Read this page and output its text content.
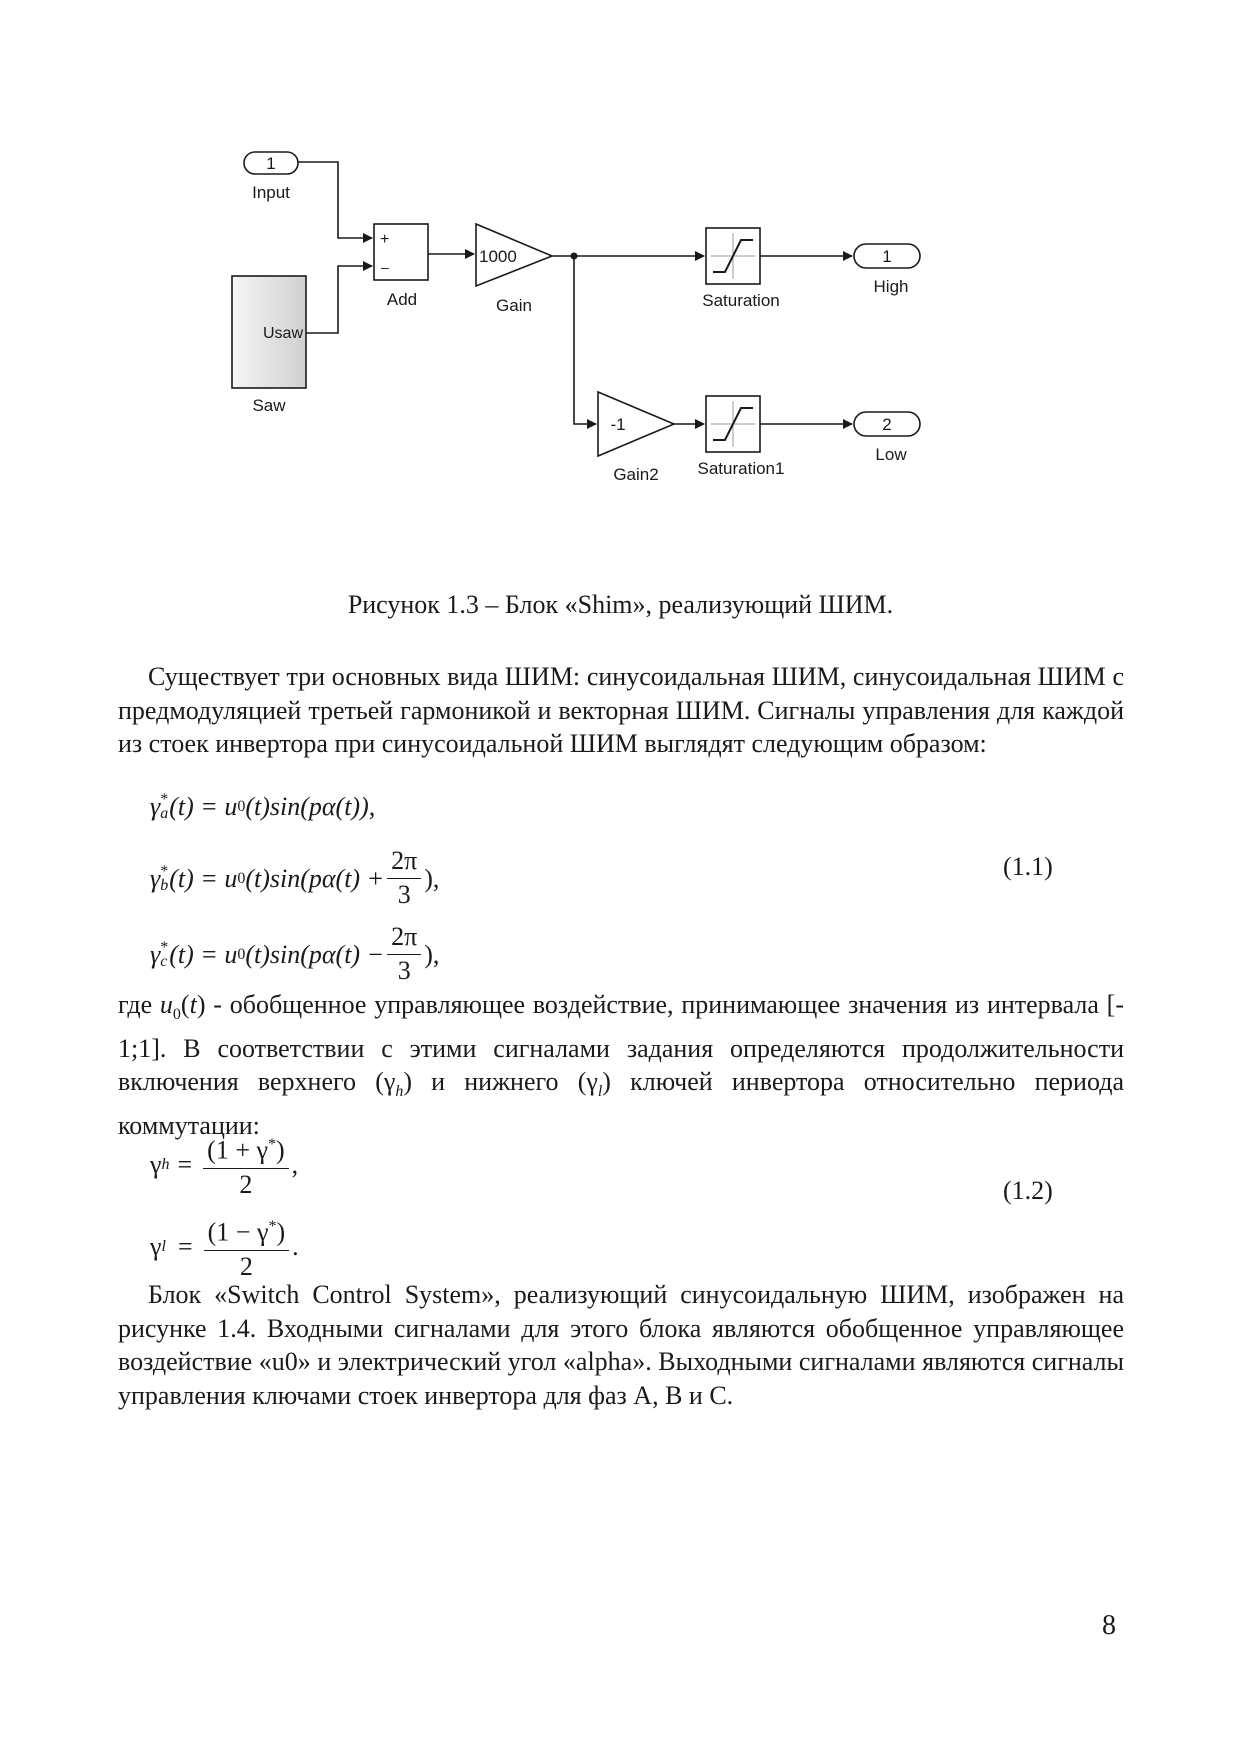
1
Input
Usaw
Saw
+
–
Add
1000
Gain	Saturation
1
High
-1
Gain2 Saturation1
2
Low
Рисунок 1.3 – Блок «Shim», реализующий ШИМ.

Существует три основных вида ШИМ: синусоидальная ШИМ, синусоидальная ШИМ с предмодуляцией третьей гармоникой и векторная ШИМ. Сигналы управления для каждой из стоек инвертора при синусоидальной ШИМ выглядят следующим образом:

γ *
a (t) = u 0 (t)sin(pα(t)),
γ *
b (t) = u 0 $(t)\sin(p\alpha(t) + \frac{2\pi}{3}$ ),	(1.1)
γ *
c (t) = u 0 $(t)\sin(p\alpha(t) - \frac{2\pi}{3}$ ),

где $u_0(t)$ - обобщенное управляющее воздействие, принимающее значения из интервала [- 1;1]. В соответствии с этими сигналами задания определяются продолжительности включения верхнего $(\gamma_h)$ и нижнего $(\gamma_l)$ ключей инвертора относительно периода коммутации:

γ $h = \frac{(1 + \gamma^*)}{2}$ ,
(1.2)
γ $l = \frac{(1 - \gamma^*)}{2}$ .

Блок «Switch Control System», реализующий синусоидальную ШИМ, изображен на рисунке 1.4. Входными сигналами для этого блока являются обобщенное управляющее воздействие «u0» и электрический угол «alpha». Выходными сигналами являются сигналы управления ключами стоек инвертора для фаз A, B и C.

8
